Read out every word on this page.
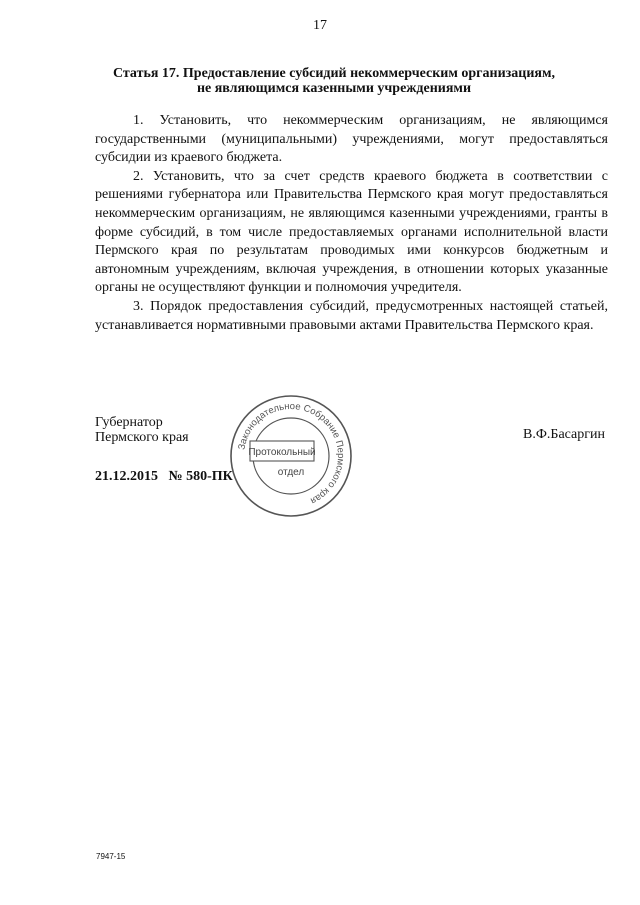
17
Статья 17. Предоставление субсидий некоммерческим организациям,
не являющимся казенными учреждениями

1. Установить, что некоммерческим организациям, не являющимся государственными (муниципальными) учреждениями, могут предоставляться субсидии из краевого бюджета.

2. Установить, что за счет средств краевого бюджета в соответствии с решениями губернатора или Правительства Пермского края могут предоставляться некоммерческим организациям, не являющимся казенными учреждениями, гранты в форме субсидий, в том числе предоставляемых органами исполнительной власти Пермского края по результатам проводимых ими конкурсов бюджетным и автономным учреждениям, включая учреждения, в отношении которых указанные органы не осуществляют функции и полномочия учредителя.

3. Порядок предоставления субсидий, предусмотренных настоящей статьей, устанавливается нормативными правовыми актами Правительства Пермского края.

Губернатор
Пермского края	В.Ф.Басаргин
21.12.2015 № 580-ПК
Законодательное Собрание Пермского края
Протокольный
отдел
7947-15
